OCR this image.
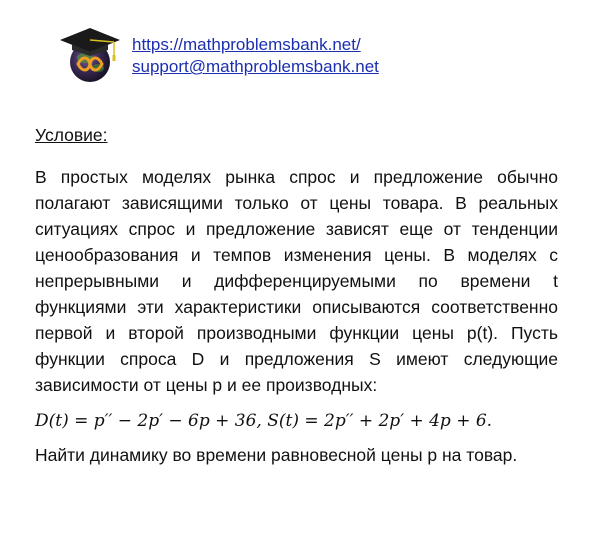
https://mathproblemsbank.net/
support@mathproblemsbank.net
Условие:

В простых моделях рынка спрос и предложение обычно полагают зависящими только от цены товара. В реальных ситуациях спрос и предложение зависят еще от тенденции ценообразования и темпов изменения цены. В моделях с непрерывными и дифференцируемыми по времени t функциями эти характеристики описываются соответственно первой и второй производными функции цены p(t). Пусть функции спроса D и предложения S имеют следующие зависимости от цены p и ее производных:

D(t) = p′′ − 2p′ − 6p + 36, S(t) = 2p′′ + 2p′ + 4p + 6.
Найти динамику во времени равновесной цены p на товар.
